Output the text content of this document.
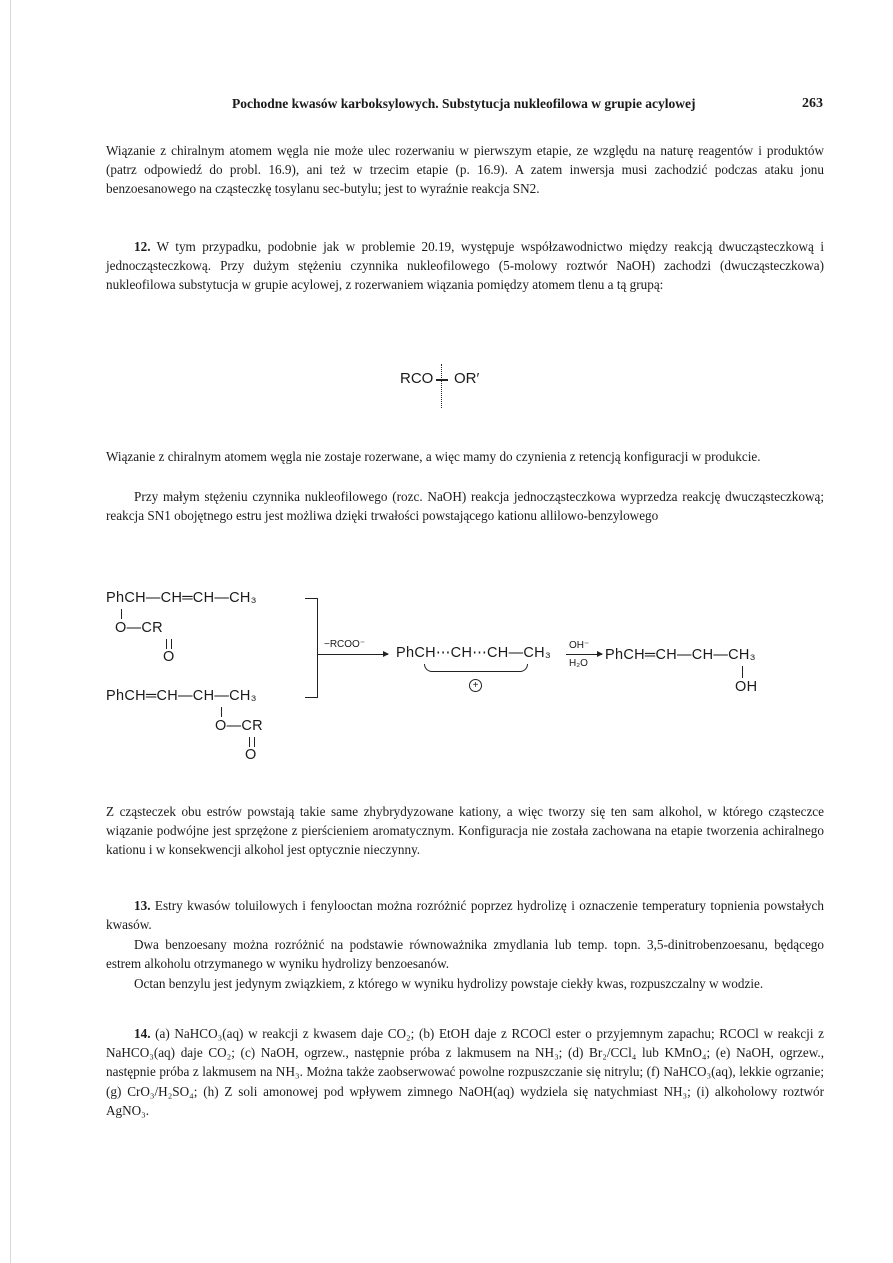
Pochodne kwasów karboksylowych. Substytucja nukleofilowa w grupie acylowej	263

Wiązanie z chiralnym atomem węgla nie może ulec rozerwaniu w pierwszym etapie, ze względu na naturę reagentów i produktów (patrz odpowiedź do probl. 16.9), ani też w trzecim etapie (p. 16.9). A zatem inwersja musi zachodzić podczas ataku jonu benzoesanowego na cząsteczkę tosylanu sec-butylu; jest to wyraźnie reakcja SN2.

12. W tym przypadku, podobnie jak w problemie 20.19, występuje współzawodnictwo między reakcją dwucząsteczkową i jednocząsteczkową. Przy dużym stężeniu czynnika nukleofilowego (5-molowy roztwór NaOH) zachodzi (dwucząsteczkowa) nukleofilowa substytucja w grupie acylowej, z rozerwaniem wiązania pomiędzy atomem tlenu a tą grupą:

RCO OR′

Wiązanie z chiralnym atomem węgla nie zostaje rozerwane, a więc mamy do czynienia z retencją konfiguracji w produkcie.

Przy małym stężeniu czynnika nukleofilowego (rozc. NaOH) reakcja jednocząsteczkowa wyprzedza reakcję dwucząsteczkową; reakcja SN1 obojętnego estru jest możliwa dzięki trwałości powstającego kationu allilowo-benzylowego

PhCH—CH═CH—CH₃
O—CR
O
PhCH═CH—CH—CH₃
O—CR
O
−RCOO⁻
PhCH⋯CH⋯CH—CH₃
+
OH⁻
H₂O
PhCH═CH—CH—CH₃
OH

Z cząsteczek obu estrów powstają takie same zhybrydyzowane kationy, a więc tworzy się ten sam alkohol, w którego cząsteczce wiązanie podwójne jest sprzężone z pierścieniem aromatycznym. Konfiguracja nie została zachowana na etapie tworzenia achiralnego kationu i w konsekwencji alkohol jest optycznie nieczynny.

13. Estry kwasów toluilowych i fenylooctan można rozróżnić poprzez hydrolizę i oznaczenie temperatury topnienia powstałych kwasów.

Dwa benzoesany można rozróżnić na podstawie równoważnika zmydlania lub temp. topn. 3,5-dinitrobenzoesanu, będącego estrem alkoholu otrzymanego w wyniku hydrolizy benzoesanów.

Octan benzylu jest jedynym związkiem, z którego w wyniku hydrolizy powstaje ciekły kwas, rozpuszczalny w wodzie.

14. (a) NaHCO₃(aq) w reakcji z kwasem daje CO₂; (b) EtOH daje z RCOCl ester o przyjemnym zapachu; RCOCl w reakcji z NaHCO₃(aq) daje CO₂; (c) NaOH, ogrzew., następnie próba z lakmusem na NH₃; (d) Br₂/CCl₄ lub KMnO₄; (e) NaOH, ogrzew., następnie próba z lakmusem na NH₃. Można także zaobserwować powolne rozpuszczanie się nitrylu; (f) NaHCO₃(aq), lekkie ogrzanie; (g) CrO₃/H₂SO₄; (h) Z soli amonowej pod wpływem zimnego NaOH(aq) wydziela się natychmiast NH₃; (i) alkoholowy roztwór AgNO₃.
